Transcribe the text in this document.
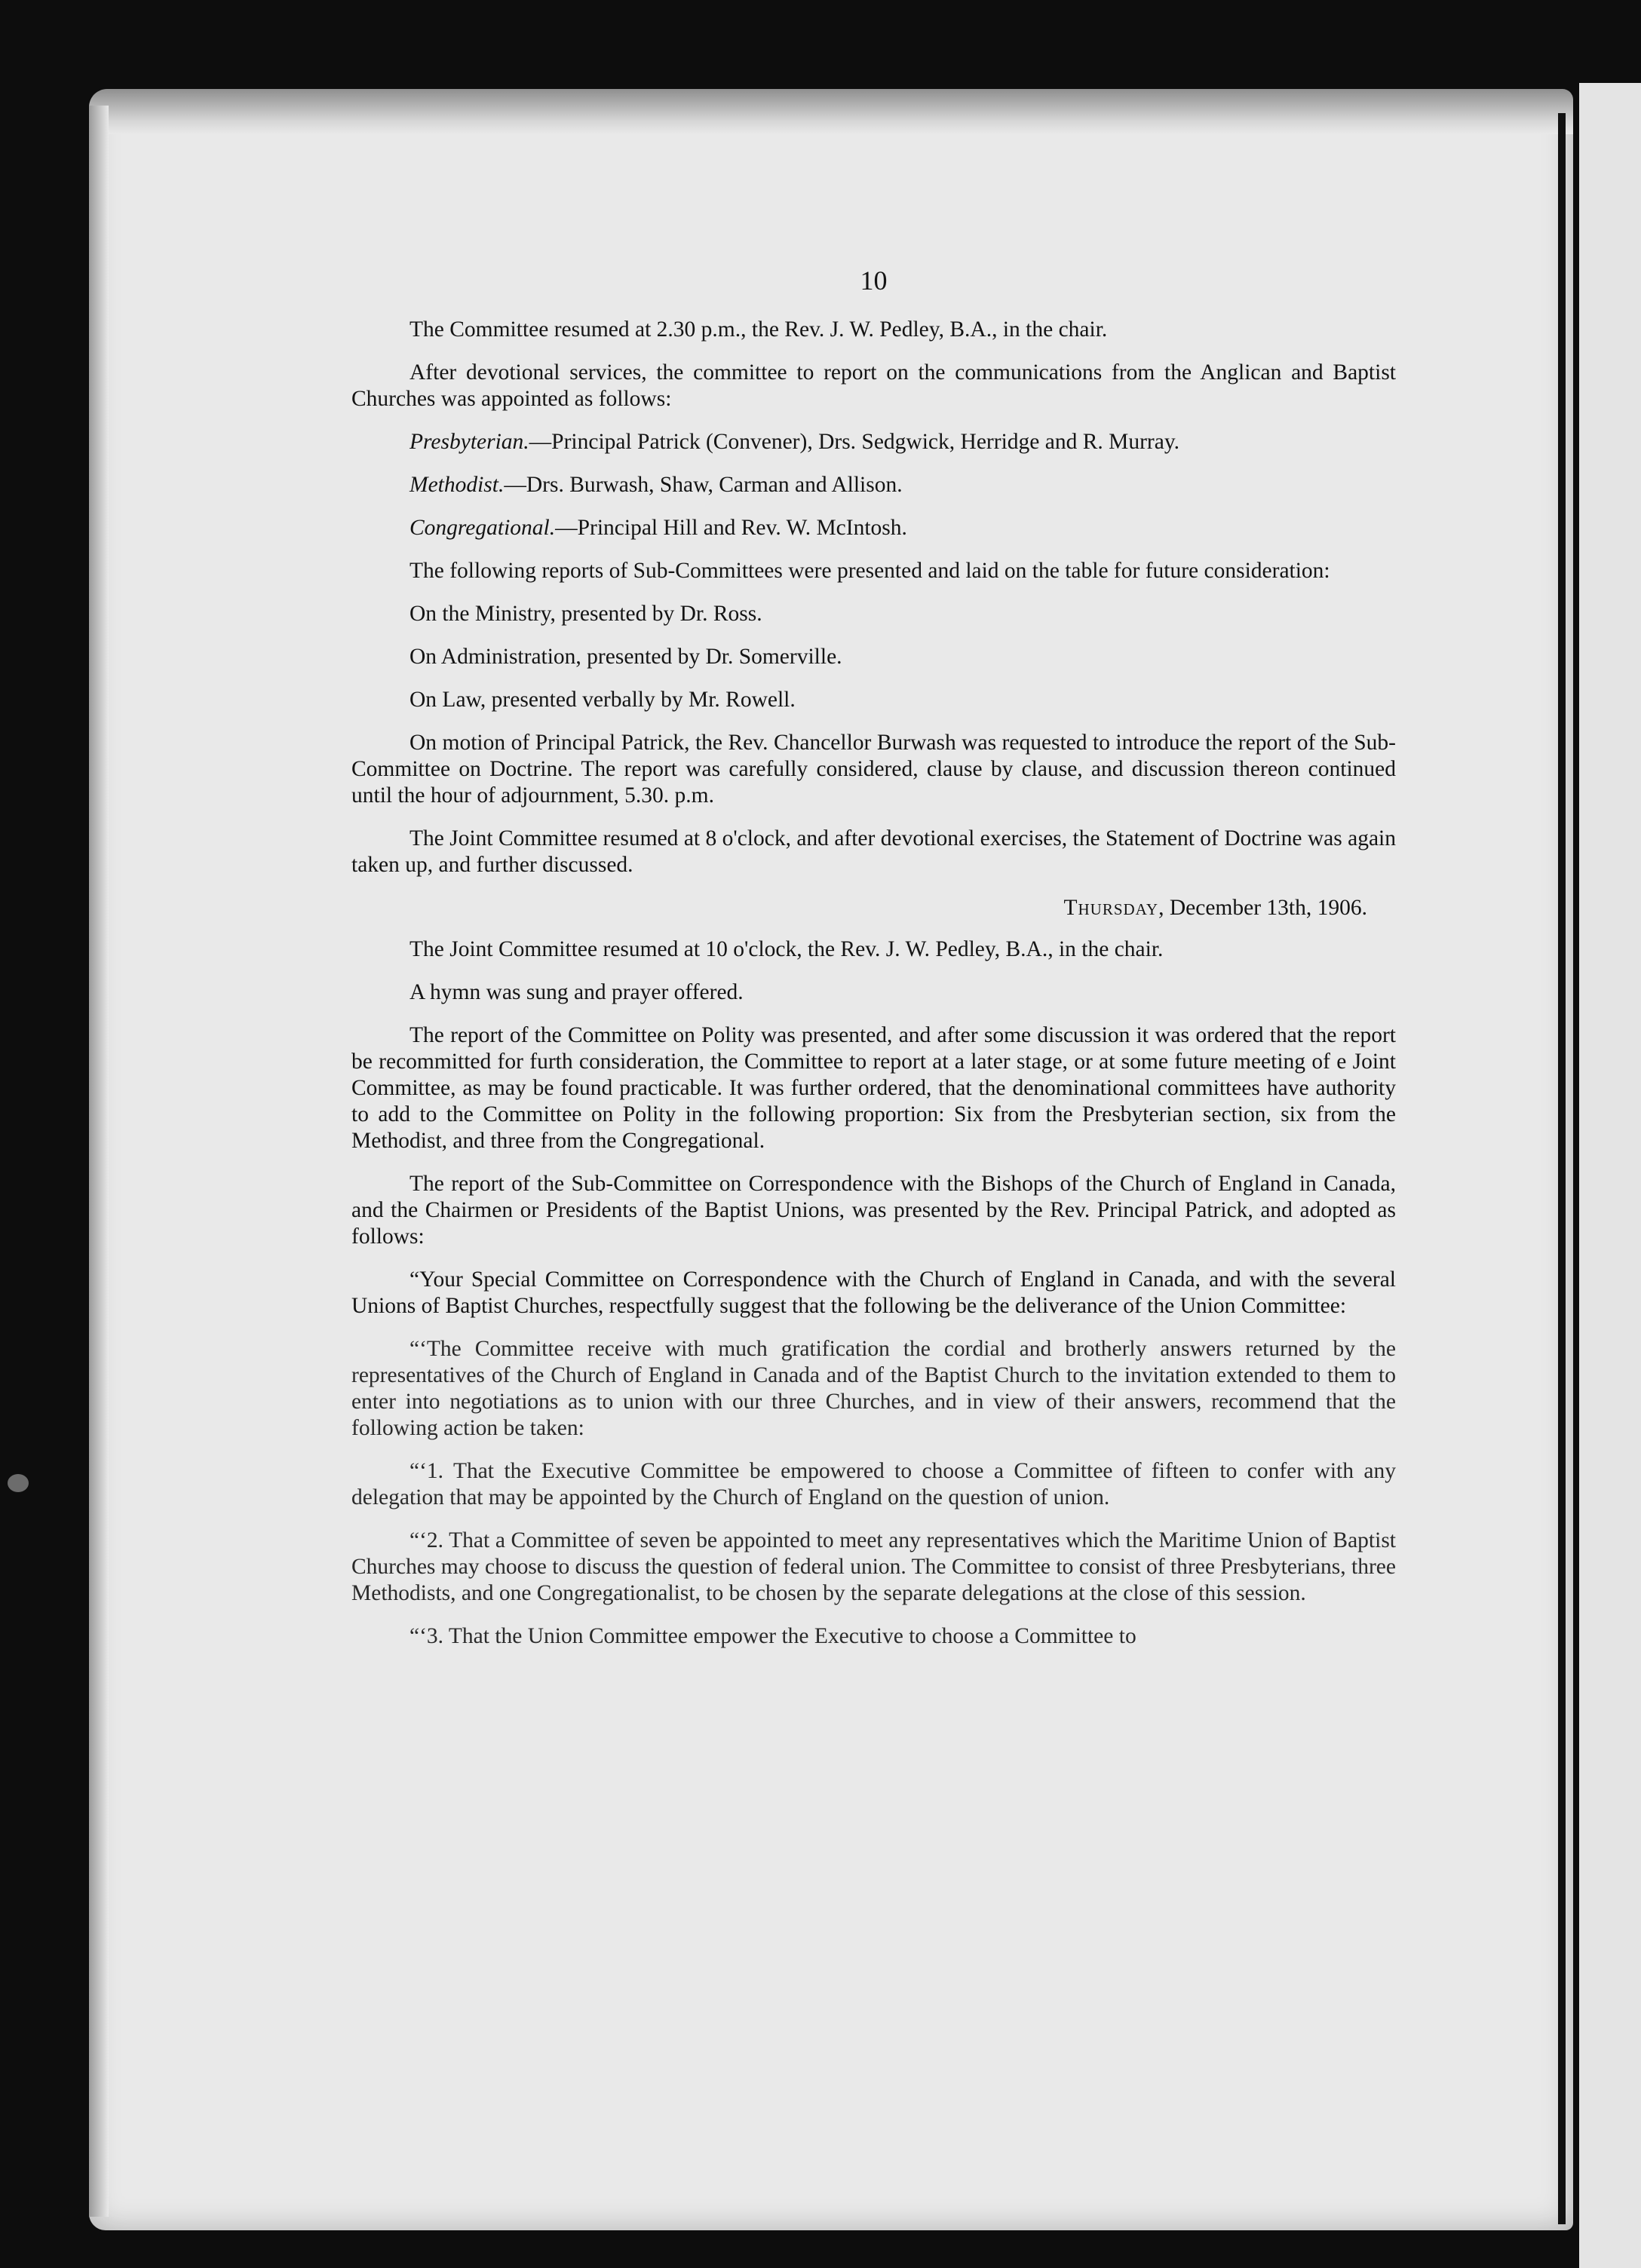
10

The Committee resumed at 2.30 p.m., the Rev. J. W. Pedley, B.A., in the chair.

After devotional services, the committee to report on the communications from the Anglican and Baptist Churches was appointed as follows:

Presbyterian.—Principal Patrick (Convener), Drs. Sedgwick, Herridge and R. Murray.

Methodist.—Drs. Burwash, Shaw, Carman and Allison.

Congregational.—Principal Hill and Rev. W. McIntosh.

The following reports of Sub-Committees were presented and laid on the table for future consideration:

On the Ministry, presented by Dr. Ross.

On Administration, presented by Dr. Somerville.

On Law, presented verbally by Mr. Rowell.

On motion of Principal Patrick, the Rev. Chancellor Burwash was requested to introduce the report of the Sub-Committee on Doctrine. The report was carefully considered, clause by clause, and discussion thereon continued until the hour of adjournment, 5.30. p.m.

The Joint Committee resumed at 8 o'clock, and after devotional exercises, the Statement of Doctrine was again taken up, and further discussed.

Thursday, December 13th, 1906.

The Joint Committee resumed at 10 o'clock, the Rev. J. W. Pedley, B.A., in the chair.

A hymn was sung and prayer offered.

The report of the Committee on Polity was presented, and after some discussion it was ordered that the report be recommitted for furth consideration, the Committee to report at a later stage, or at some future meeting of e Joint Committee, as may be found practicable. It was further ordered, that the denominational committees have authority to add to the Committee on Polity in the following proportion: Six from the Presbyterian section, six from the Methodist, and three from the Congregational.

The report of the Sub-Committee on Correspondence with the Bishops of the Church of England in Canada, and the Chairmen or Presidents of the Baptist Unions, was presented by the Rev. Principal Patrick, and adopted as follows:

“Your Special Committee on Correspondence with the Church of England in Canada, and with the several Unions of Baptist Churches, respectfully suggest that the following be the deliverance of the Union Committee:

“‘The Committee receive with much gratification the cordial and brotherly answers returned by the representatives of the Church of England in Canada and of the Baptist Church to the invitation extended to them to enter into negotiations as to union with our three Churches, and in view of their answers, recommend that the following action be taken:

“‘1. That the Executive Committee be empowered to choose a Committee of fifteen to confer with any delegation that may be appointed by the Church of England on the question of union.

“‘2. That a Committee of seven be appointed to meet any representatives which the Maritime Union of Baptist Churches may choose to discuss the question of federal union. The Committee to consist of three Presbyterians, three Methodists, and one Congregationalist, to be chosen by the separate delegations at the close of this session.

“‘3. That the Union Committee empower the Executive to choose a Committee to
